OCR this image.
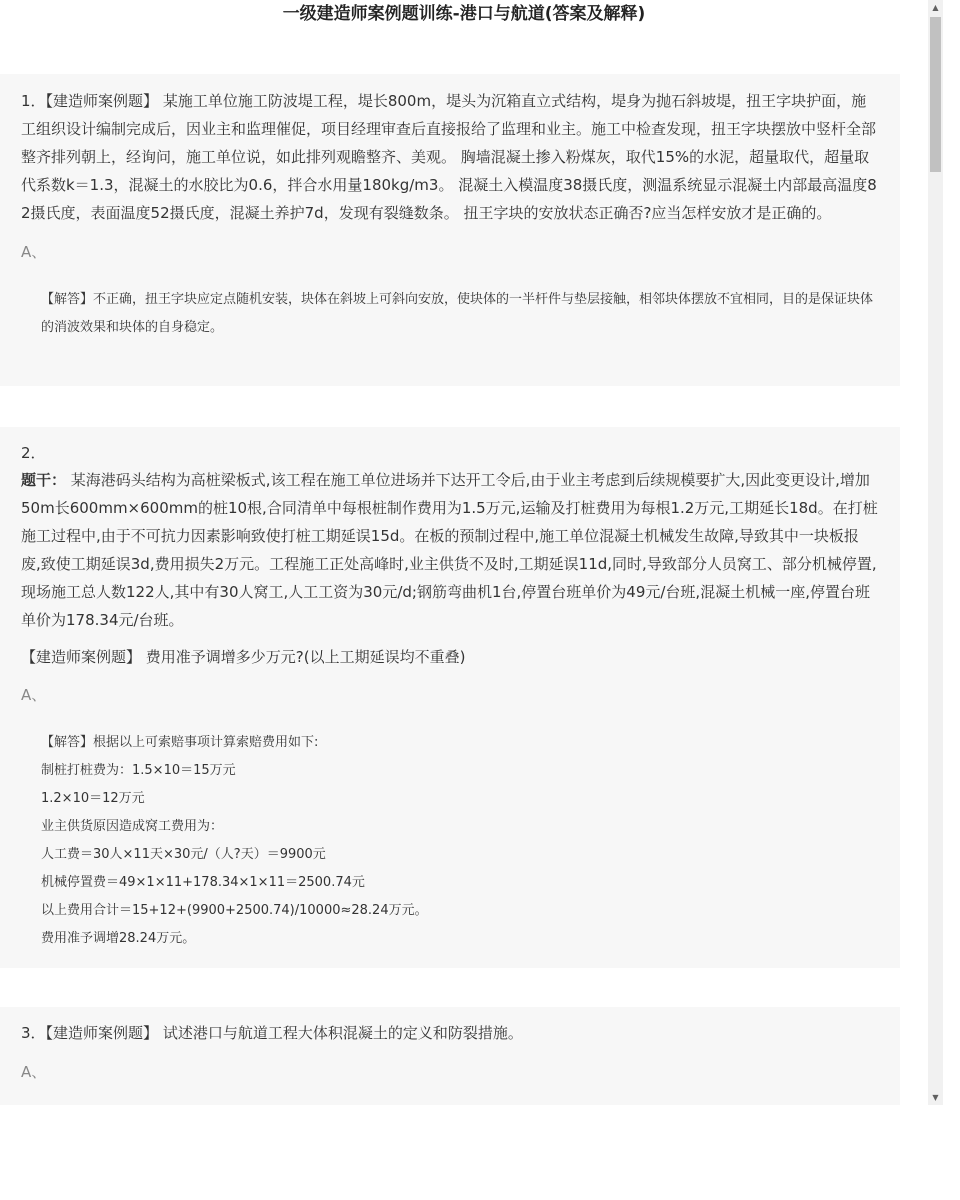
一级建造师案例题训练-港口与航道(答案及解释)

1．【建造师案例题】 某施工单位施工防波堤工程，堤长800m，堤头为沉箱直立式结构，堤身为抛石斜坡堤，扭王字块护面，施工组织设计编制完成后，因业主和监理催促，项目经理审查后直接报给了监理和业主。施工中检查发现，扭王字块摆放中竖杆全部整齐排列朝上，经询问，施工单位说，如此排列观瞻整齐、美观。 胸墙混凝土掺入粉煤灰，取代15%的水泥，超量取代，超量取代系数k＝1.3，混凝土的水胶比为0.6，拌合水用量180kg/m3。 混凝土入模温度38摄氏度，测温系统显示混凝土内部最高温度82摄氏度，表面温度52摄氏度，混凝土养护7d，发现有裂缝数条。 扭王字块的安放状态正确否?应当怎样安放才是正确的。

A、
【解答】不正确，扭王字块应定点随机安装，块体在斜坡上可斜向安放，使块体的一半杆件与垫层接触，相邻块体摆放不宜相同，目的是保证块体的消波效果和块体的自身稳定。
2．

题干： 某海港码头结构为高桩梁板式,该工程在施工单位进场并下达开工令后,由于业主考虑到后续规模要扩大,因此变更设计,增加50m长600mm×600mm的桩10根,合同清单中每根桩制作费用为1.5万元,运输及打桩费用为每根1.2万元,工期延长18d。在打桩施工过程中,由于不可抗力因素影响致使打桩工期延误15d。在板的预制过程中,施工单位混凝土机械发生故障,导致其中一块板报废,致使工期延误3d,费用损失2万元。工程施工正处高峰时,业主供货不及时,工期延误11d,同时,导致部分人员窝工、部分机械停置,现场施工总人数122人,其中有30人窝工,人工工资为30元/d;钢筋弯曲机1台,停置台班单价为49元/台班,混凝土机械一座,停置台班单价为178.34元/台班。

【建造师案例题】 费用准予调增多少万元?(以上工期延误均不重叠)

A、

【解答】根据以上可索赔事项计算索赔费用如下:

制桩打桩费为：1.5×10＝15万元

1.2×10＝12万元

业主供货原因造成窝工费用为：

人工费＝30人×11天×30元/（人?天）＝9900元

机械停置费＝49×1×11+178.34×1×11＝2500.74元

以上费用合计＝15+12+(9900+2500.74)/10000≈28.24万元。

费用准予调增28.24万元。

3．【建造师案例题】 试述港口与航道工程大体积混凝土的定义和防裂措施。

A、
▲
▼
